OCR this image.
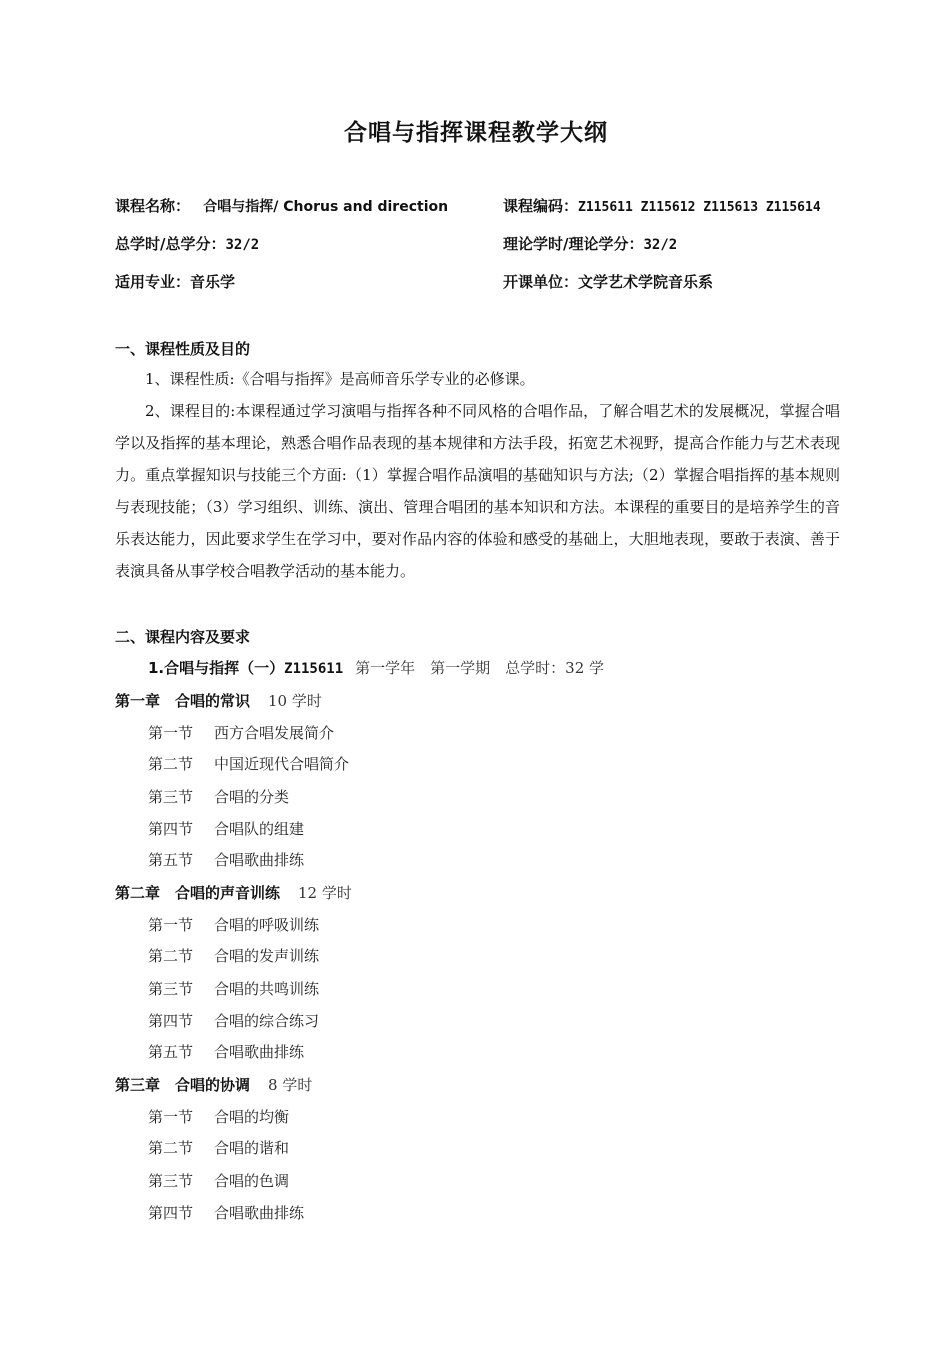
合唱与指挥课程教学大纲
课程名称： 合唱与指挥/ Chorus and direction	课程编码：Z115611 Z115612 Z115613 Z115614
总学时/总学分：32/2	理论学时/理论学分：32/2
适用专业：音乐学	开课单位：文学艺术学院音乐系
一、课程性质及目的

1、课程性质:《合唱与指挥》是高师音乐学专业的必修课。

2、课程目的:本课程通过学习演唱与指挥各种不同风格的合唱作品，了解合唱艺术的发展概况，掌握合唱学以及指挥的基本理论，熟悉合唱作品表现的基本规律和方法手段，拓宽艺术视野，提高合作能力与艺术表现力。重点掌握知识与技能三个方面:（1）掌握合唱作品演唱的基础知识与方法;（2）掌握合唱指挥的基本规则与表现技能；（3）学习组织、训练、演出、管理合唱团的基本知识和方法。本课程的重要目的是培养学生的音乐表达能力，因此要求学生在学习中，要对作品内容的体验和感受的基础上，大胆地表现，要敢于表演、善于表演具备从事学校合唱教学活动的基本能力。

二、课程内容及要求
1.合唱与指挥（一）Z115611 第一学年　第一学期　总学时：32 学
第一章　合唱的常识 10 学时
第一节 西方合唱发展简介
第二节 中国近现代合唱简介
第三节 合唱的分类
第四节 合唱队的组建
第五节 合唱歌曲排练
第二章　合唱的声音训练 12 学时
第一节 合唱的呼吸训练
第二节 合唱的发声训练
第三节 合唱的共鸣训练
第四节 合唱的综合练习
第五节 合唱歌曲排练
第三章　合唱的协调 8 学时
第一节 合唱的均衡
第二节 合唱的谐和
第三节 合唱的色调
第四节 合唱歌曲排练
